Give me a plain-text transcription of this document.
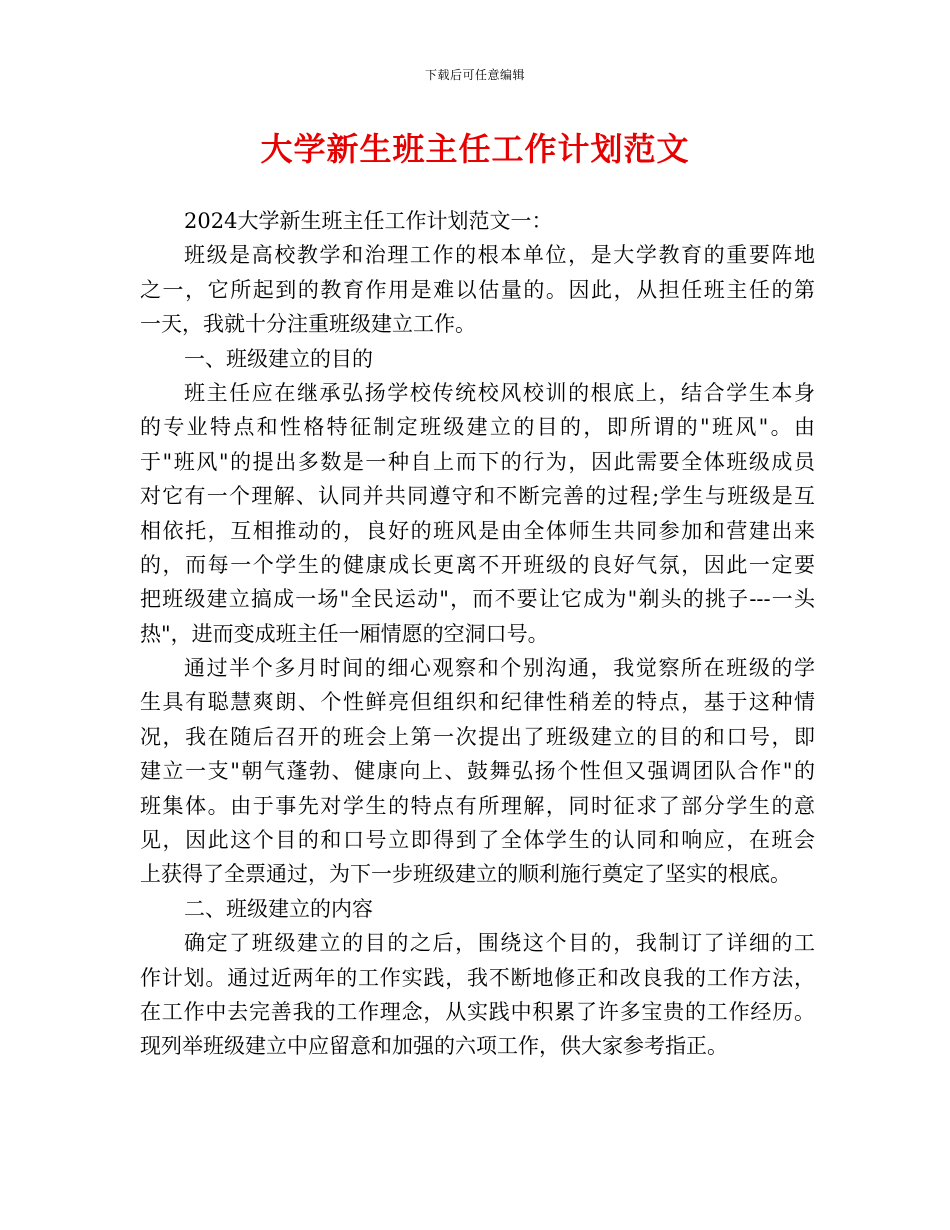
下载后可任意编辑
大学新生班主任工作计划范文
2024大学新生班主任工作计划范文一：
班级是高校教学和治理工作的根本单位，是大学教育的重要阵地
之一，它所起到的教育作用是难以估量的。因此，从担任班主任的第
一天，我就十分注重班级建立工作。
一、班级建立的目的
班主任应在继承弘扬学校传统校风校训的根底上，结合学生本身
的专业特点和性格特征制定班级建立的目的，即所谓的"班风"。由
于"班风"的提出多数是一种自上而下的行为，因此需要全体班级成员
对它有一个理解、认同并共同遵守和不断完善的过程;学生与班级是互
相依托，互相推动的，良好的班风是由全体师生共同参加和营建出来
的，而每一个学生的健康成长更离不开班级的良好气氛，因此一定要
把班级建立搞成一场"全民运动"，而不要让它成为"剃头的挑子---一头
热"，进而变成班主任一厢情愿的空洞口号。
通过半个多月时间的细心观察和个别沟通，我觉察所在班级的学
生具有聪慧爽朗、个性鲜亮但组织和纪律性稍差的特点，基于这种情
况，我在随后召开的班会上第一次提出了班级建立的目的和口号，即
建立一支"朝气蓬勃、健康向上、鼓舞弘扬个性但又强调团队合作"的
班集体。由于事先对学生的特点有所理解，同时征求了部分学生的意
见，因此这个目的和口号立即得到了全体学生的认同和响应，在班会
上获得了全票通过，为下一步班级建立的顺利施行奠定了坚实的根底。
二、班级建立的内容
确定了班级建立的目的之后，围绕这个目的，我制订了详细的工
作计划。通过近两年的工作实践，我不断地修正和改良我的工作方法，
在工作中去完善我的工作理念，从实践中积累了许多宝贵的工作经历。
现列举班级建立中应留意和加强的六项工作，供大家参考指正。
